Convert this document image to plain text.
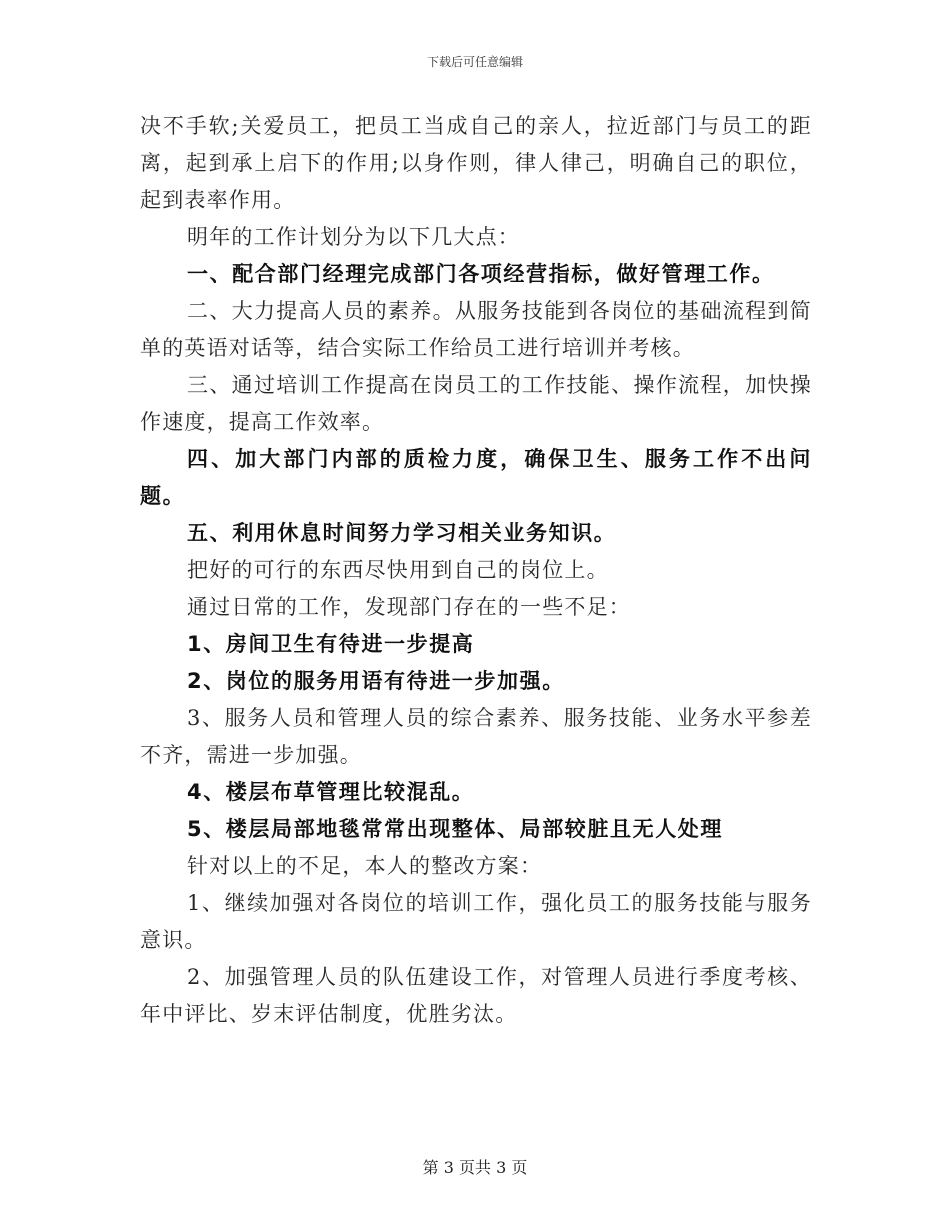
下载后可任意编辑

决不手软;关爱员工，把员工当成自己的亲人，拉近部门与员工的距离，起到承上启下的作用;以身作则，律人律己，明确自己的职位，起到表率作用。

明年的工作计划分为以下几大点：

一、配合部门经理完成部门各项经营指标，做好管理工作。

二、大力提高人员的素养。从服务技能到各岗位的基础流程到简单的英语对话等，结合实际工作给员工进行培训并考核。

三、通过培训工作提高在岗员工的工作技能、操作流程，加快操作速度，提高工作效率。

四、加大部门内部的质检力度，确保卫生、服务工作不出问题。

五、利用休息时间努力学习相关业务知识。

把好的可行的东西尽快用到自己的岗位上。

通过日常的工作，发现部门存在的一些不足：

1、房间卫生有待进一步提高

2、岗位的服务用语有待进一步加强。

3、服务人员和管理人员的综合素养、服务技能、业务水平参差不齐，需进一步加强。

4、楼层布草管理比较混乱。

5、楼层局部地毯常常出现整体、局部较脏且无人处理

针对以上的不足，本人的整改方案：

1、继续加强对各岗位的培训工作，强化员工的服务技能与服务意识。

2、加强管理人员的队伍建设工作，对管理人员进行季度考核、年中评比、岁末评估制度，优胜劣汰。

第 3 页共 3 页
